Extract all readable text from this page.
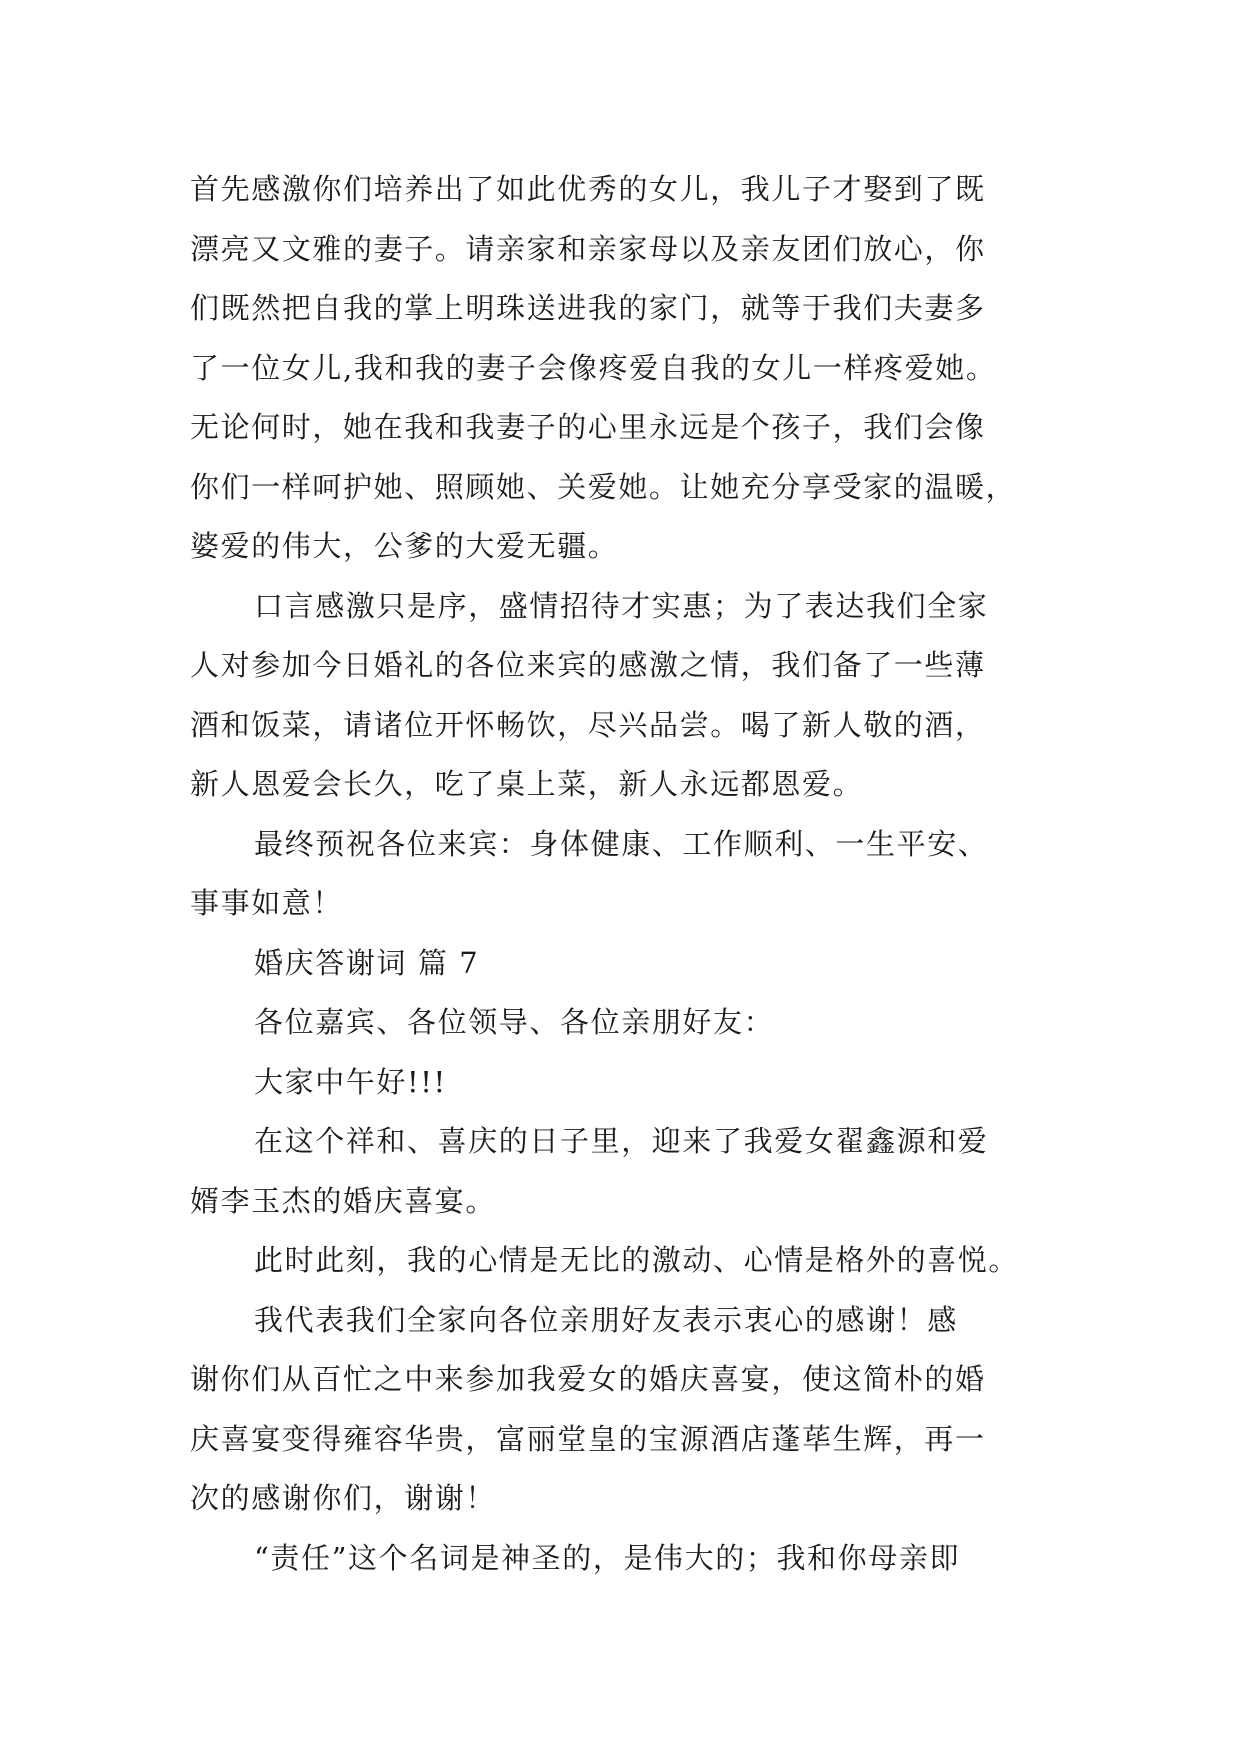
首先感激你们培养出了如此优秀的女儿，我儿子才娶到了既
漂亮又文雅的妻子。请亲家和亲家母以及亲友团们放心，你
们既然把自我的掌上明珠送进我的家门，就等于我们夫妻多
了一位女儿,我和我的妻子会像疼爱自我的女儿一样疼爱她。
无论何时，她在我和我妻子的心里永远是个孩子，我们会像
你们一样呵护她、照顾她、关爱她。让她充分享受家的温暖，
婆爱的伟大，公爹的大爱无疆。
口言感激只是序，盛情招待才实惠；为了表达我们全家
人对参加今日婚礼的各位来宾的感激之情，我们备了一些薄
酒和饭菜，请诸位开怀畅饮，尽兴品尝。喝了新人敬的酒，
新人恩爱会长久，吃了桌上菜，新人永远都恩爱。
最终预祝各位来宾：身体健康、工作顺利、一生平安、
事事如意！
婚庆答谢词 篇 7
各位嘉宾、各位领导、各位亲朋好友：
大家中午好!!!
在这个祥和、喜庆的日子里，迎来了我爱女翟鑫源和爱
婿李玉杰的婚庆喜宴。
此时此刻，我的心情是无比的激动、心情是格外的喜悦。
我代表我们全家向各位亲朋好友表示衷心的感谢！感
谢你们从百忙之中来参加我爱女的婚庆喜宴，使这简朴的婚
庆喜宴变得雍容华贵，富丽堂皇的宝源酒店蓬荜生辉，再一
次的感谢你们，谢谢！
“责任”这个名词是神圣的，是伟大的；我和你母亲即
